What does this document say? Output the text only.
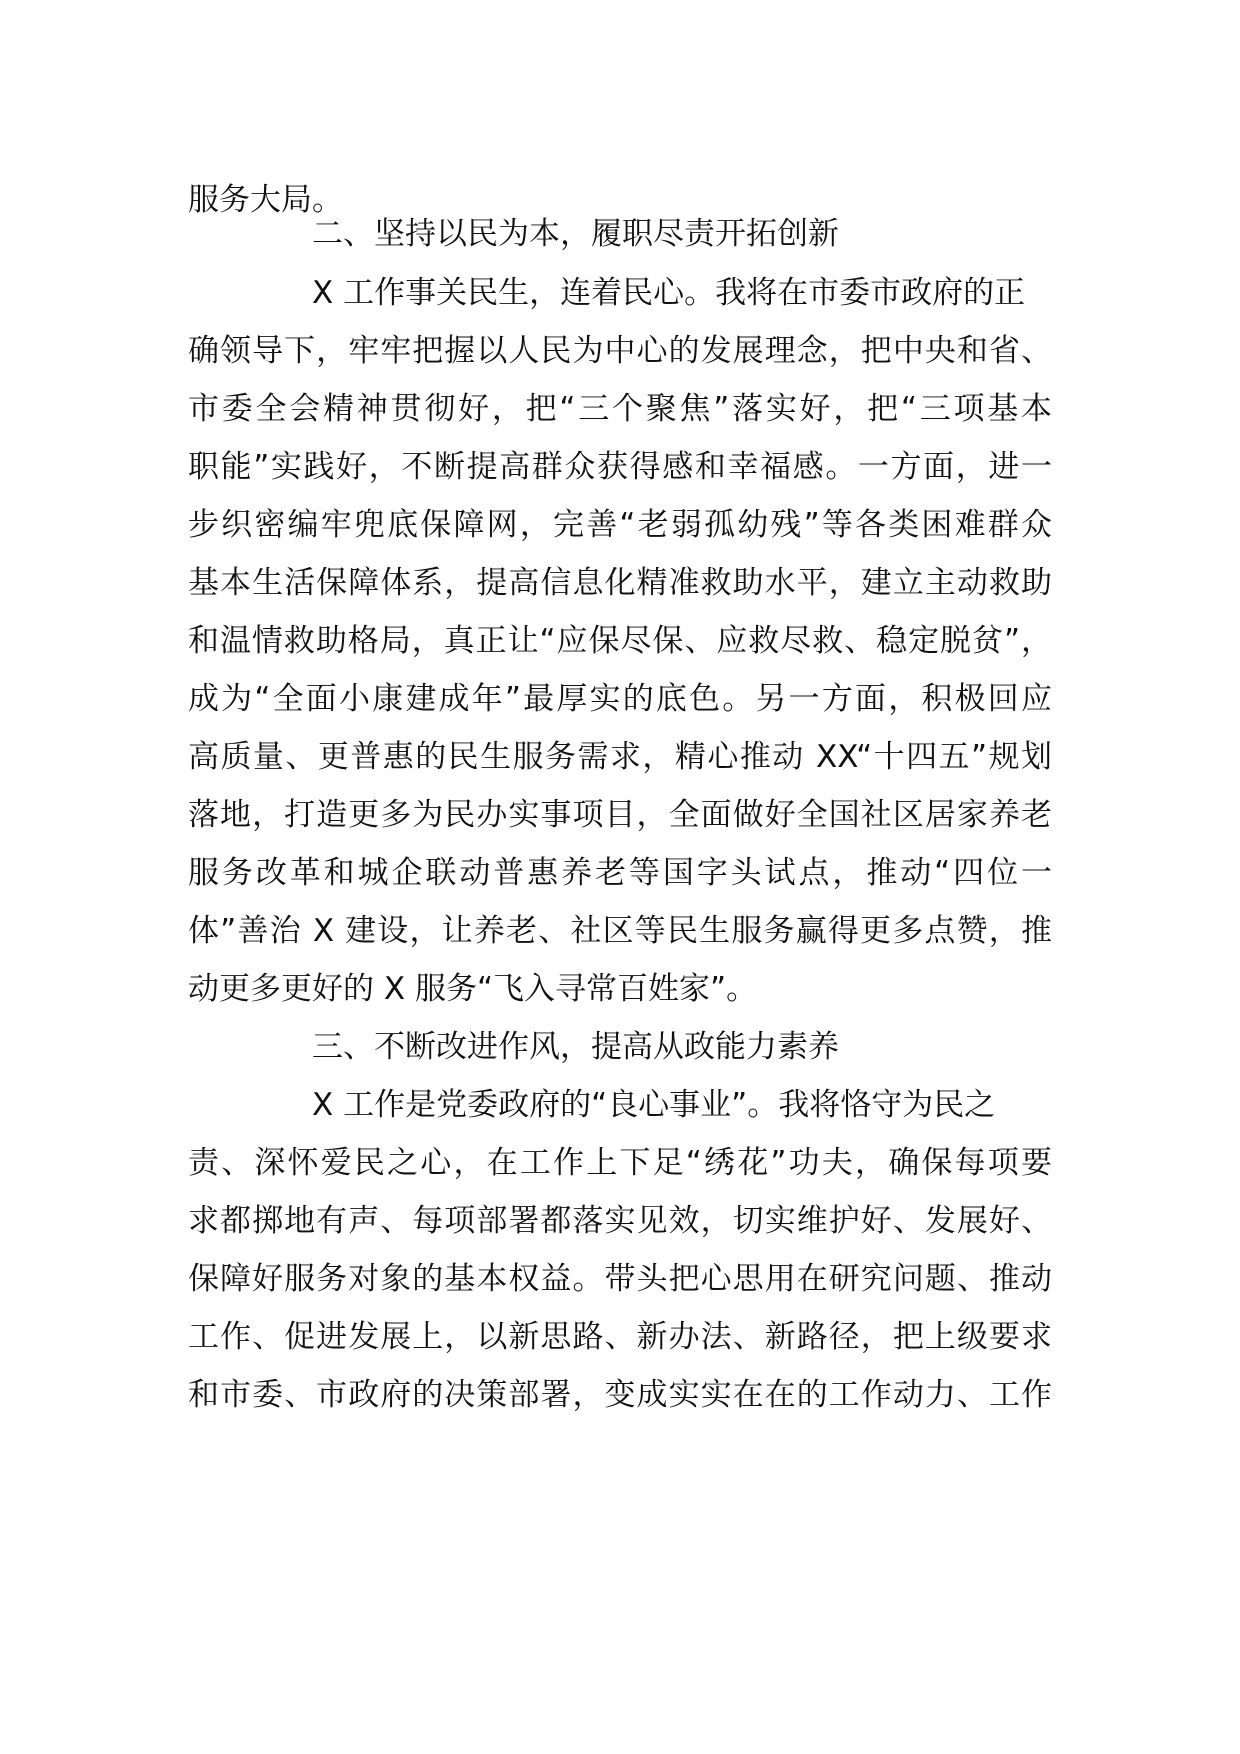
服务大局。
二、坚持以民为本，履职尽责开拓创新
X 工作事关民生，连着民心。我将在市委市政府的正
确领导下，牢牢把握以人民为中心的发展理念，把中央和省、
市委全会精神贯彻好，把“三个聚焦”落实好，把“三项基本
职能”实践好，不断提高群众获得感和幸福感。一方面，进一
步织密编牢兜底保障网，完善“老弱孤幼残”等各类困难群众
基本生活保障体系，提高信息化精准救助水平，建立主动救助
和温情救助格局，真正让“应保尽保、应救尽救、稳定脱贫”，
成为“全面小康建成年”最厚实的底色。另一方面，积极回应
高质量、更普惠的民生服务需求，精心推动 XX“十四五”规划
落地，打造更多为民办实事项目，全面做好全国社区居家养老
服务改革和城企联动普惠养老等国字头试点，推动“四位一
体”善治 X 建设，让养老、社区等民生服务赢得更多点赞，推
动更多更好的 X 服务“飞入寻常百姓家”。
三、不断改进作风，提高从政能力素养
X 工作是党委政府的“良心事业”。我将恪守为民之
责、深怀爱民之心，在工作上下足“绣花”功夫，确保每项要
求都掷地有声、每项部署都落实见效，切实维护好、发展好、
保障好服务对象的基本权益。带头把心思用在研究问题、推动
工作、促进发展上，以新思路、新办法、新路径，把上级要求
和市委、市政府的决策部署，变成实实在在的工作动力、工作
